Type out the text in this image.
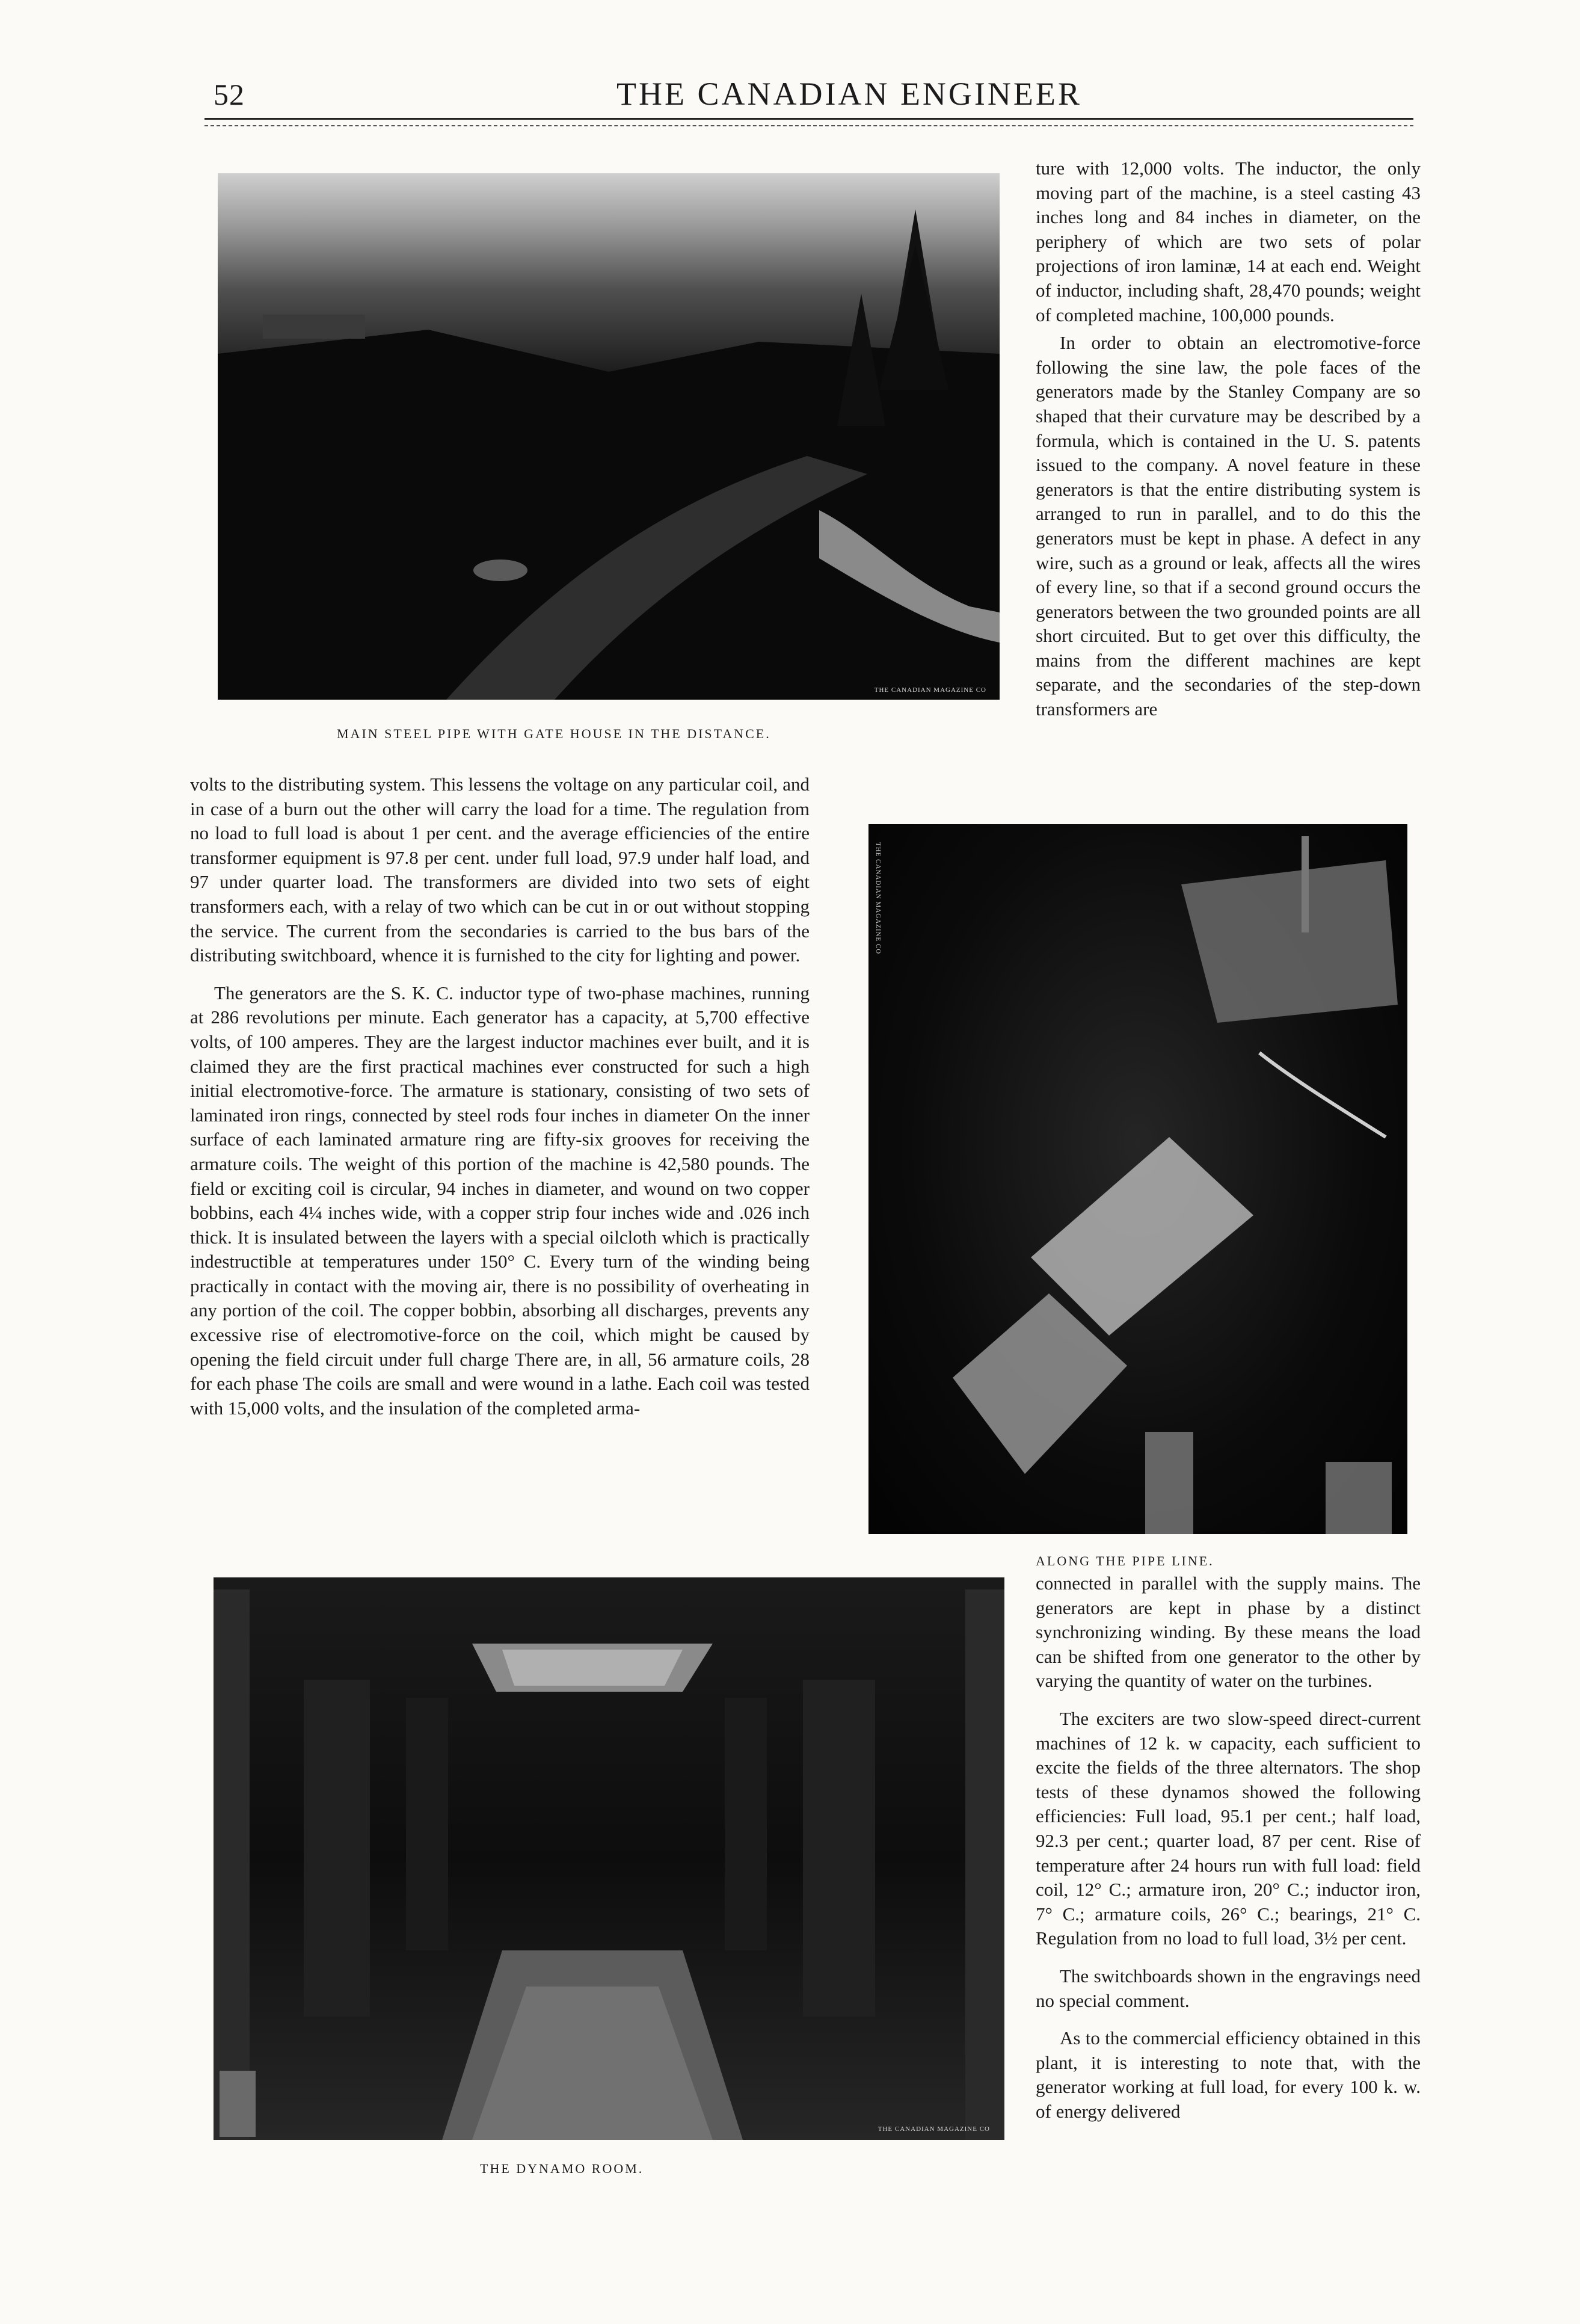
52	THE CANADIAN ENGINEER
THE CANADIAN MAGAZINE CO
MAIN STEEL PIPE WITH GATE HOUSE IN THE DISTANCE.

ture with 12,000 volts. The inductor, the only moving part of the machine, is a steel casting 43 inches long and 84 inches in diameter, on the periphery of which are two sets of polar projections of iron laminæ, 14 at each end. Weight of inductor, including shaft, 28,470 pounds; weight of completed machine, 100,000 pounds.

In order to obtain an electromotive-force following the sine law, the pole faces of the generators made by the Stanley Company are so shaped that their curvature may be described by a formula, which is contained in the U. S. patents issued to the company. A novel feature in these generators is that the entire distributing system is arranged to run in parallel, and to do this the generators must be kept in phase. A defect in any wire, such as a ground or leak, affects all the wires of every line, so that if a second ground occurs the generators between the two grounded points are all short circuited. But to get over this difficulty, the mains from the different machines are kept separate, and the secondaries of the step-down transformers are

volts to the distributing system. This lessens the voltage on any particular coil, and in case of a burn out the other will carry the load for a time. The regulation from no load to full load is about 1 per cent. and the average efficiencies of the entire transformer equipment is 97.8 per cent. under full load, 97.9 under half load, and 97 under quarter load. The transformers are divided into two sets of eight transformers each, with a relay of two which can be cut in or out without stopping the service. The current from the secondaries is carried to the bus bars of the distributing switchboard, whence it is furnished to the city for lighting and power.

The generators are the S. K. C. inductor type of two-phase machines, running at 286 revolutions per minute. Each generator has a capacity, at 5,700 effective volts, of 100 amperes. They are the largest inductor machines ever built, and it is claimed they are the first practical machines ever constructed for such a high initial electromotive-force. The armature is stationary, consisting of two sets of laminated iron rings, connected by steel rods four inches in diameter On the inner surface of each laminated armature ring are fifty-six grooves for receiving the armature coils. The weight of this portion of the machine is 42,580 pounds. The field or exciting coil is circular, 94 inches in diameter, and wound on two copper bobbins, each 4¼ inches wide, with a copper strip four inches wide and .026 inch thick. It is insulated between the layers with a special oilcloth which is practically indestructible at temperatures under 150° C. Every turn of the winding being practically in contact with the moving air, there is no possibility of overheating in any portion of the coil. The copper bobbin, absorbing all discharges, prevents any excessive rise of electromotive-force on the coil, which might be caused by opening the field circuit under full charge There are, in all, 56 armature coils, 28 for each phase The coils are small and were wound in a lathe. Each coil was tested with 15,000 volts, and the insulation of the completed arma-

THE CANADIAN MAGAZINE CO
ALONG THE PIPE LINE.
THE CANADIAN MAGAZINE CO
THE DYNAMO ROOM.

connected in parallel with the supply mains. The generators are kept in phase by a distinct synchronizing winding. By these means the load can be shifted from one generator to the other by varying the quantity of water on the turbines.

The exciters are two slow-speed direct-current machines of 12 k. w capacity, each sufficient to excite the fields of the three alternators. The shop tests of these dynamos showed the following efficiencies: Full load, 95.1 per cent.; half load, 92.3 per cent.; quarter load, 87 per cent. Rise of temperature after 24 hours run with full load: field coil, 12° C.; armature iron, 20° C.; inductor iron, 7° C.; armature coils, 26° C.; bearings, 21° C. Regulation from no load to full load, 3½ per cent.

The switchboards shown in the engravings need no special comment.

As to the commercial efficiency obtained in this plant, it is interesting to note that, with the generator working at full load, for every 100 k. w. of energy delivered
